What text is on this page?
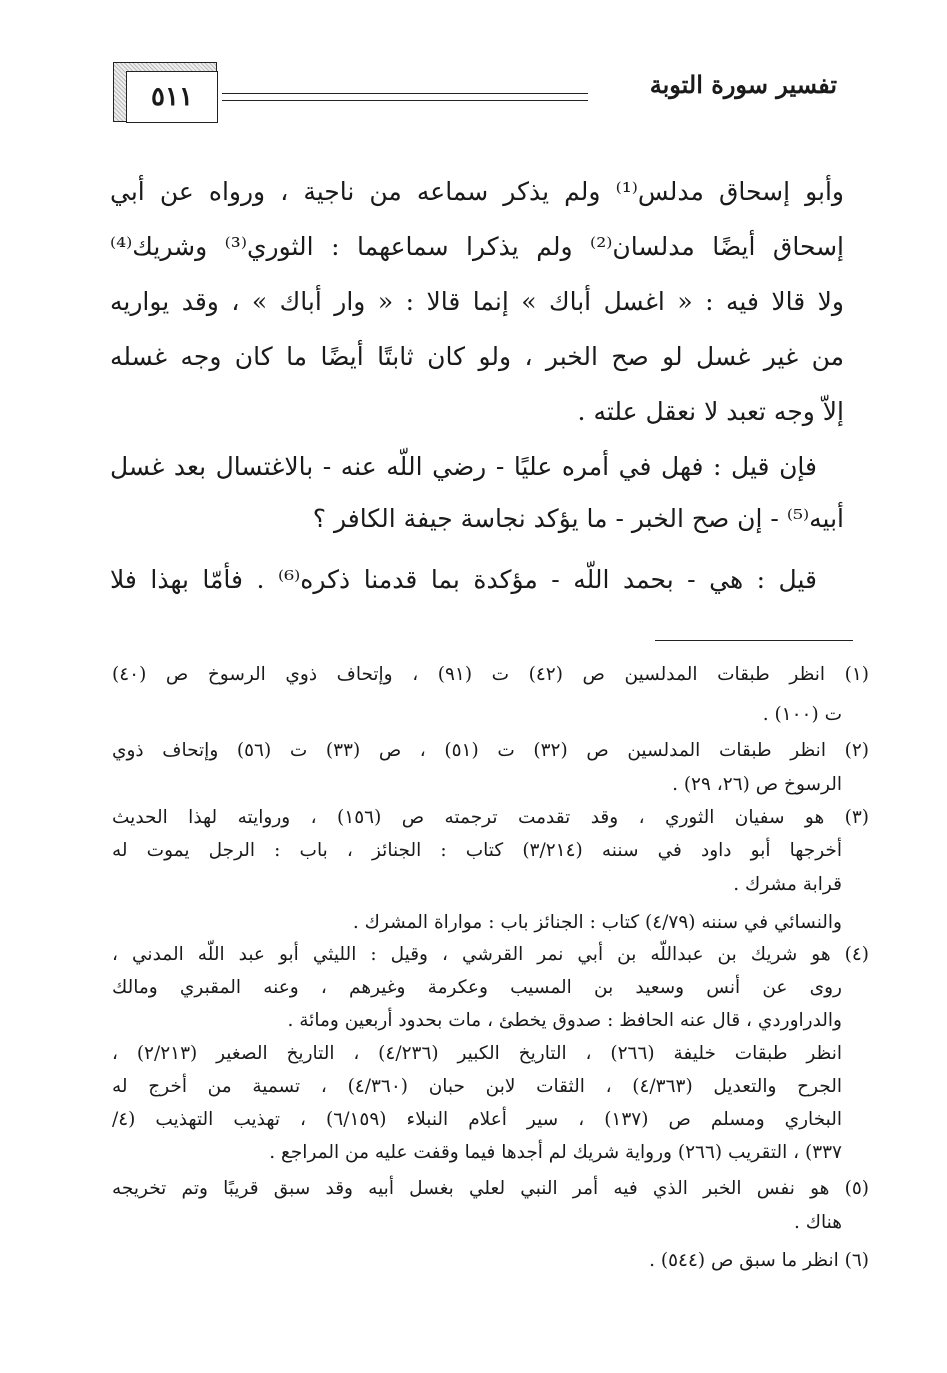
٥١١	تفسير سورة التوبة
وأبو إسحاق مدلس⁽¹⁾ ولم يذكر سماعه من ناجية ، ورواه عن أبي
إسحاق أيضًا مدلسان⁽²⁾ ولم يذكرا سماعهما : الثوري⁽³⁾ وشريك⁽⁴⁾
ولا قالا فيه : « اغسل أباك » إنما قالا : « وار أباك » ، وقد يواريه
من غير غسل لو صح الخبر ، ولو كان ثابتًا أيضًا ما كان وجه غسله
إلاّ وجه تعبد لا نعقل علته .
فإن قيل : فهل في أمره عليًا - رضي اللّه عنه - بالاغتسال بعد غسل
أبيه⁽⁵⁾ - إن صح الخبر - ما يؤكد نجاسة جيفة الكافر ؟
قيل : هي - بحمد اللّه - مؤكدة بما قدمنا ذكره⁽⁶⁾ . فأمّا بهذا فلا
(١) انظر طبقات المدلسين ص (٤٢) ت (٩١) ، وإتحاف ذوي الرسوخ ص (٤٠)
ت (١٠٠) .
(٢) انظر طبقات المدلسين ص (٣٢) ت (٥١) ، ص (٣٣) ت (٥٦) وإتحاف ذوي
الرسوخ ص (٢٦، ٢٩) .
(٣) هو سفيان الثوري ، وقد تقدمت ترجمته ص (١٥٦) ، وروايته لهذا الحديث
أخرجها أبو داود في سننه (٣/٢١٤) كتاب : الجنائز ، باب : الرجل يموت له
قرابة مشرك .
والنسائي في سننه (٤/٧٩) كتاب : الجنائز باب : مواراة المشرك .
(٤) هو شريك بن عبداللّه بن أبي نمر القرشي ، وقيل : الليثي أبو عبد اللّه المدني ،
روى عن أنس وسعيد بن المسيب وعكرمة وغيرهم ، وعنه المقبري ومالك
والدراوردي ، قال عنه الحافظ : صدوق يخطئ ، مات بحدود أربعين ومائة .
انظر طبقات خليفة (٢٦٦) ، التاريخ الكبير (٤/٢٣٦) ، التاريخ الصغير (٢/٢١٣) ،
الجرح والتعديل (٤/٣٦٣) ، الثقات لابن حبان (٤/٣٦٠) ، تسمية من أخرج له
البخاري ومسلم ص (١٣٧) ، سير أعلام النبلاء (٦/١٥٩) ، تهذيب التهذيب (٤/
٣٣٧) ، التقريب (٢٦٦) ورواية شريك لم أجدها فيما وقفت عليه من المراجع .
(٥) هو نفس الخبر الذي فيه أمر النبي لعلي بغسل أبيه وقد سبق قريبًا وتم تخريجه
هناك .
(٦) انظر ما سبق ص (٥٤٤) .
